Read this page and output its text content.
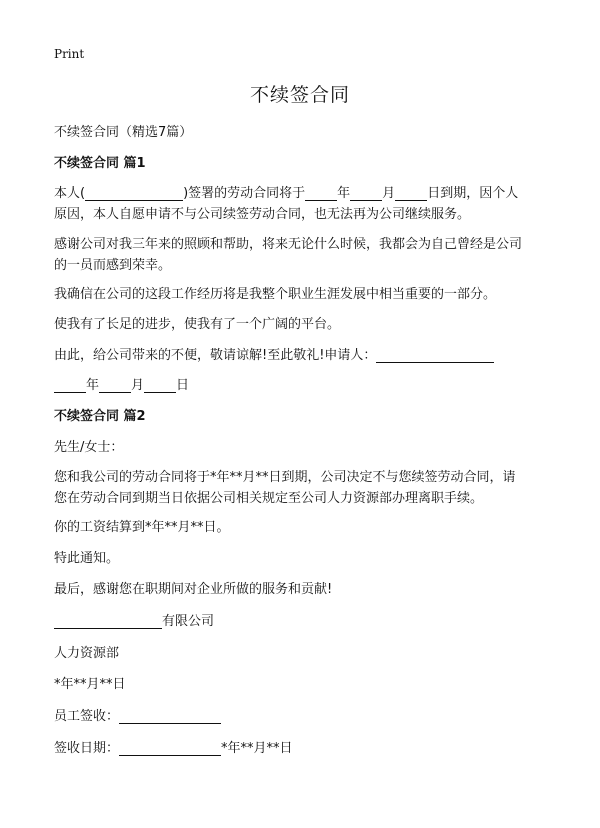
Print
不续签合同
不续签合同（精选7篇）
不续签合同 篇1
本人(	)签署的劳动合同将于 年 月 日到期，因个人
原因，本人自愿申请不与公司续签劳动合同，也无法再为公司继续服务。
感谢公司对我三年来的照顾和帮助，将来无论什么时候，我都会为自己曾经是公司
的一员而感到荣幸。
我确信在公司的这段工作经历将是我整个职业生涯发展中相当重要的一部分。
使我有了长足的进步，使我有了一个广阔的平台。
由此，给公司带来的不便，敬请谅解!至此敬礼!申请人：
年 月 日
不续签合同 篇2
先生/女士：
您和我公司的劳动合同将于*年**月**日到期，公司决定不与您续签劳动合同，请
您在劳动合同到期当日依据公司相关规定至公司人力资源部办理离职手续。
你的工资结算到*年**月**日。
特此通知。
最后，感谢您在职期间对企业所做的服务和贡献!
有限公司
人力资源部
*年**月**日
员工签收：
签收日期：	*年**月**日
